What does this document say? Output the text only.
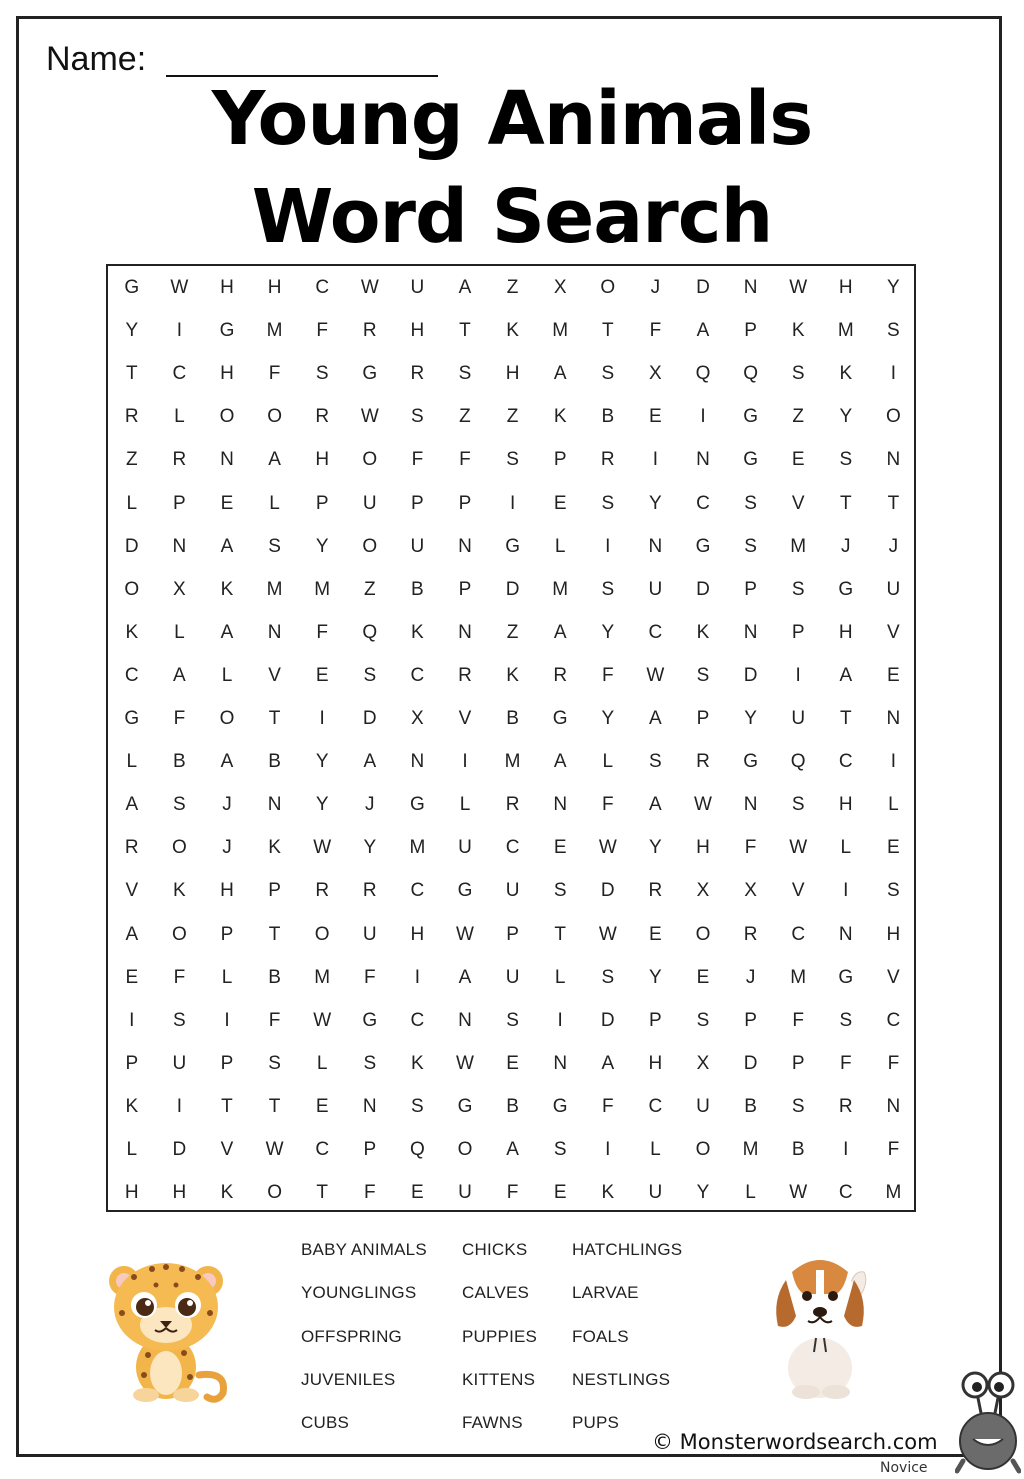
Name:
Young Animals
Word Search
G	W	H	H	C	W	U	A	Z	X	O	J	D	N	W	H	Y
Y	I	G	M	F	R	H	T	K	M	T	F	A	P	K	M	S
T	C	H	F	S	G	R	S	H	A	S	X	Q	Q	S	K	I
R	L	O	O	R	W	S	Z	Z	K	B	E	I	G	Z	Y	O
Z	R	N	A	H	O	F	F	S	P	R	I	N	G	E	S	N
L	P	E	L	P	U	P	P	I	E	S	Y	C	S	V	T	T
D	N	A	S	Y	O	U	N	G	L	I	N	G	S	M	J	J
O	X	K	M	M	Z	B	P	D	M	S	U	D	P	S	G	U
K	L	A	N	F	Q	K	N	Z	A	Y	C	K	N	P	H	V
C	A	L	V	E	S	C	R	K	R	F	W	S	D	I	A	E
G	F	O	T	I	D	X	V	B	G	Y	A	P	Y	U	T	N
L	B	A	B	Y	A	N	I	M	A	L	S	R	G	Q	C	I
A	S	J	N	Y	J	G	L	R	N	F	A	W	N	S	H	L
R	O	J	K	W	Y	M	U	C	E	W	Y	H	F	W	L	E
V	K	H	P	R	R	C	G	U	S	D	R	X	X	V	I	S
A	O	P	T	O	U	H	W	P	T	W	E	O	R	C	N	H
E	F	L	B	M	F	I	A	U	L	S	Y	E	J	M	G	V
I	S	I	F	W	G	C	N	S	I	D	P	S	P	F	S	C
P	U	P	S	L	S	K	W	E	N	A	H	X	D	P	F	F
K	I	T	T	E	N	S	G	B	G	F	C	U	B	S	R	N
L	D	V	W	C	P	Q	O	A	S	I	L	O	M	B	I	F
H	H	K	O	T	F	E	U	F	E	K	U	Y	L	W	C	M
BABY ANIMALS
YOUNGLINGS
OFFSPRING
JUVENILES
CUBS
CHICKS
CALVES
PUPPIES
KITTENS
FAWNS
HATCHLINGS
LARVAE
FOALS
NESTLINGS
PUPS
© Monsterwordsearch.com
Novice
